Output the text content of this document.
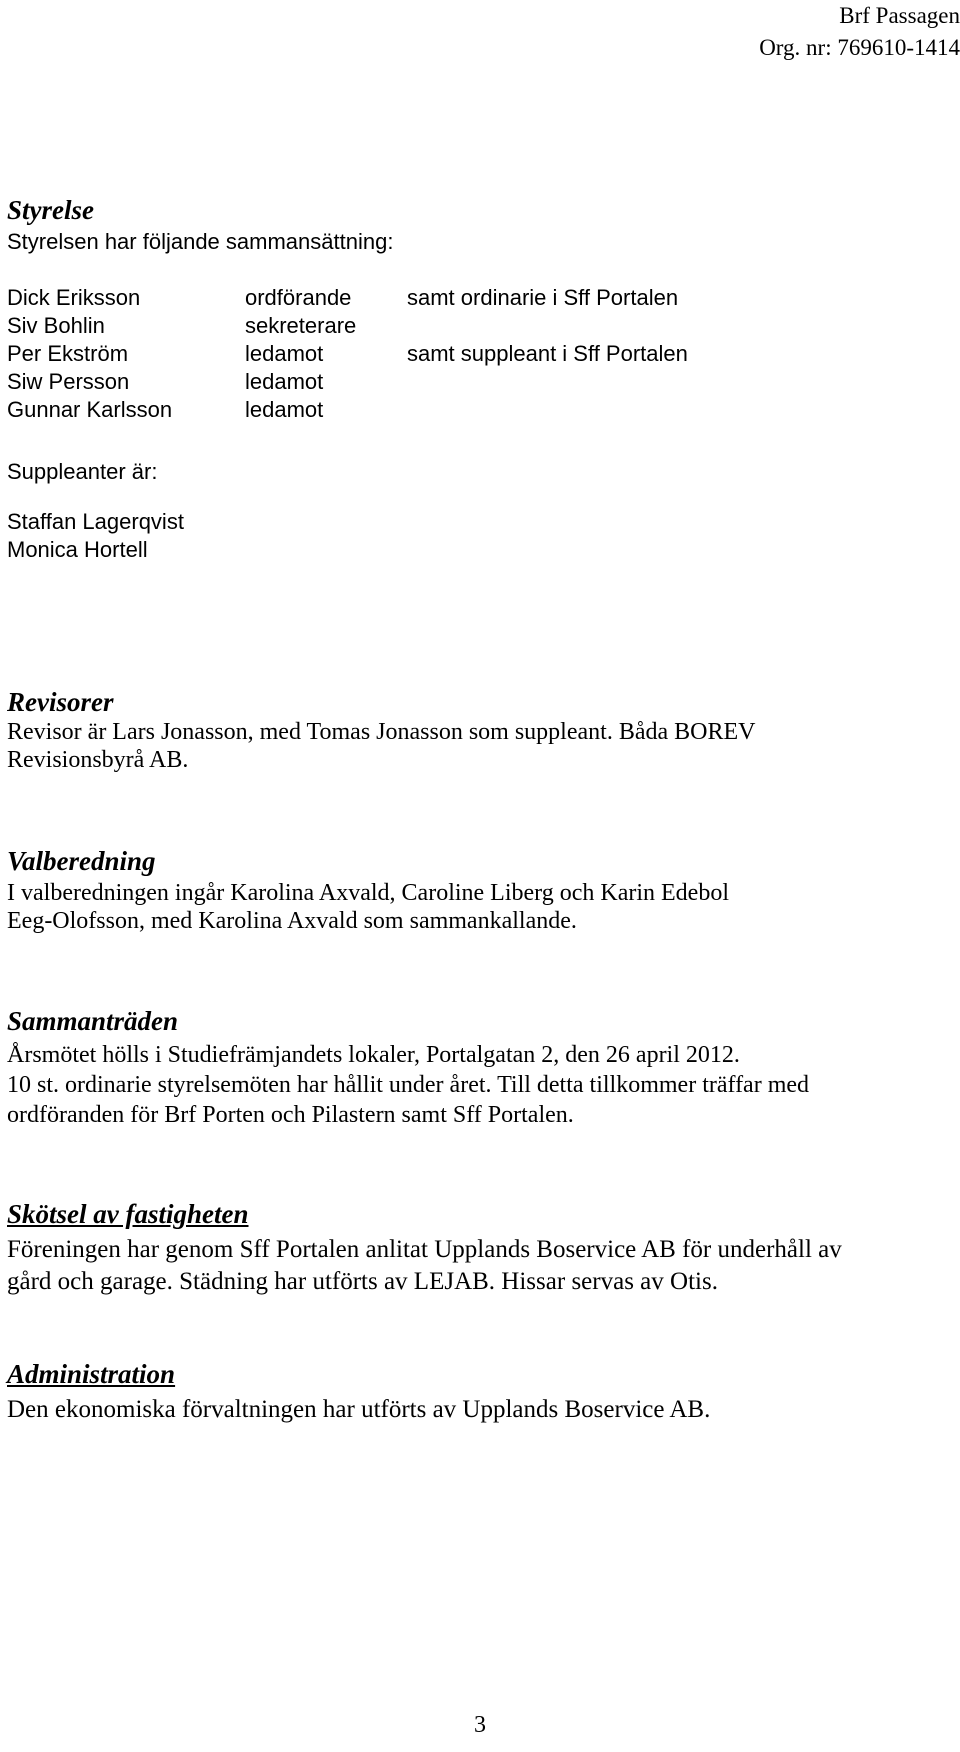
Brf Passagen
Org. nr: 769610-1414
Styrelse
Styrelsen har följande sammansättning:
Dick Eriksson	ordförande	samt ordinarie i Sff Portalen
Siv Bohlin	sekreterare
Per Ekström	ledamot	samt suppleant i Sff Portalen
Siw Persson	ledamot
Gunnar Karlsson	ledamot
Suppleanter är:
Staffan Lagerqvist
Monica Hortell
Revisorer
Revisor är Lars Jonasson, med Tomas Jonasson som suppleant. Båda BOREV
Revisionsbyrå AB.
Valberedning
I valberedningen ingår Karolina Axvald, Caroline Liberg och Karin Edebol
Eeg-Olofsson, med Karolina Axvald som sammankallande.
Sammanträden
Årsmötet hölls i Studiefrämjandets lokaler, Portalgatan 2, den 26 april 2012.
10 st. ordinarie styrelsemöten har hållit under året. Till detta tillkommer träffar med
ordföranden för Brf Porten och Pilastern samt Sff Portalen.
Skötsel av fastigheten
Föreningen har genom Sff Portalen anlitat Upplands Boservice AB för underhåll av
gård och garage. Städning har utförts av LEJAB. Hissar servas av Otis.
Administration
Den ekonomiska förvaltningen har utförts av Upplands Boservice AB.
3
